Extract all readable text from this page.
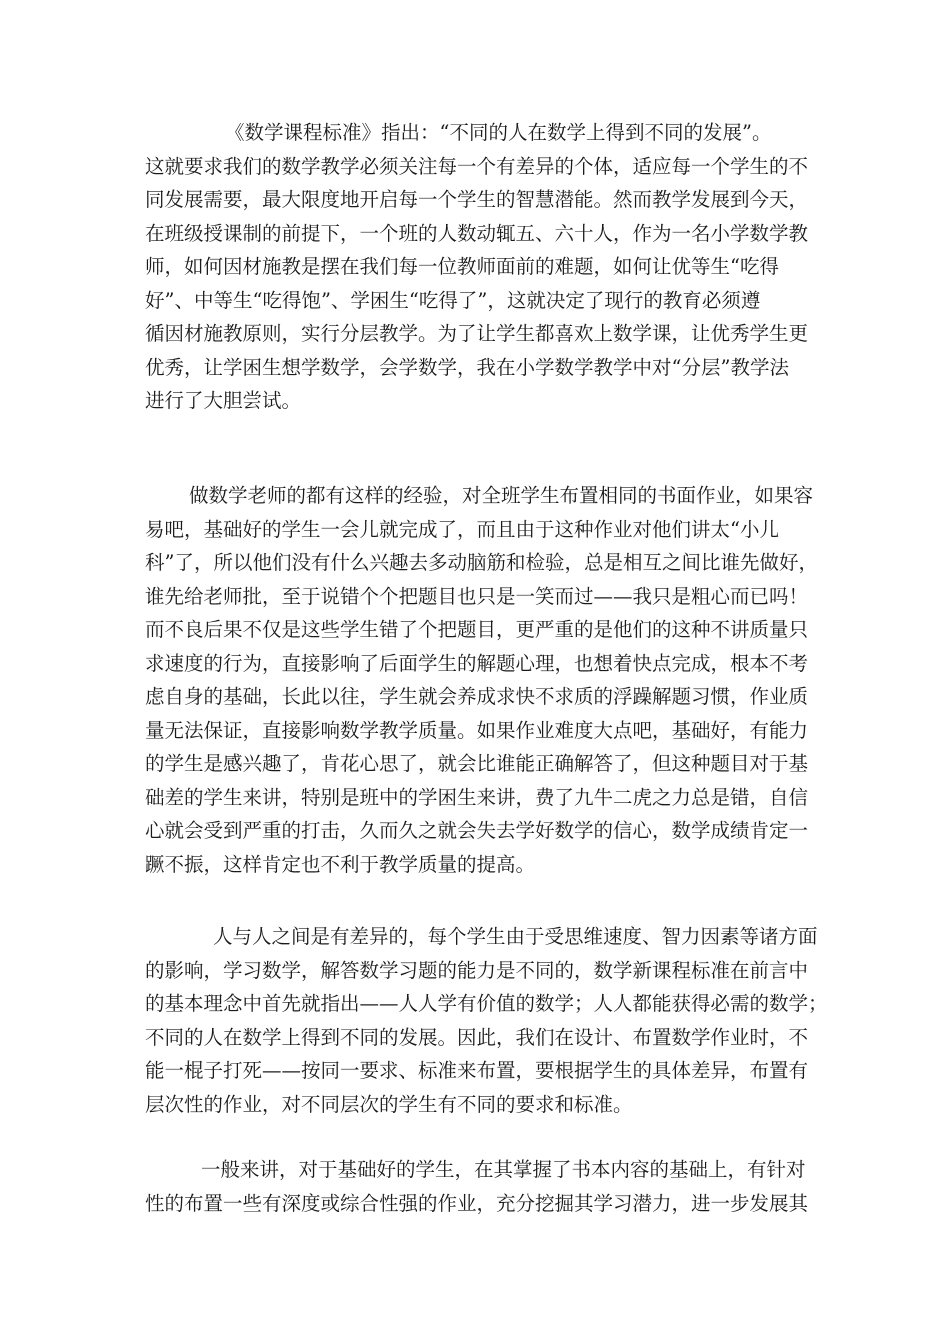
《数学课程标准》指出：“不同的人在数学上得到不同的发展”。
这就要求我们的数学教学必须关注每一个有差异的个体，适应每一个学生的不
同发展需要，最大限度地开启每一个学生的智慧潜能。然而教学发展到今天，
在班级授课制的前提下，一个班的人数动辄五、六十人，作为一名小学数学教
师，如何因材施教是摆在我们每一位教师面前的难题，如何让优等生“吃得
好”、中等生“吃得饱”、学困生“吃得了”，这就决定了现行的教育必须遵
循因材施教原则，实行分层教学。为了让学生都喜欢上数学课，让优秀学生更
优秀，让学困生想学数学，会学数学，我在小学数学教学中对“分层”教学法
进行了大胆尝试。
做数学老师的都有这样的经验，对全班学生布置相同的书面作业，如果容
易吧，基础好的学生一会儿就完成了，而且由于这种作业对他们讲太“小儿
科”了，所以他们没有什么兴趣去多动脑筋和检验，总是相互之间比谁先做好，
谁先给老师批，至于说错个个把题目也只是一笑而过——我只是粗心而已吗！
而不良后果不仅是这些学生错了个把题目，更严重的是他们的这种不讲质量只
求速度的行为，直接影响了后面学生的解题心理，也想着快点完成，根本不考
虑自身的基础，长此以往，学生就会养成求快不求质的浮躁解题习惯，作业质
量无法保证，直接影响数学教学质量。如果作业难度大点吧，基础好，有能力
的学生是感兴趣了，肯花心思了，就会比谁能正确解答了，但这种题目对于基
础差的学生来讲，特别是班中的学困生来讲，费了九牛二虎之力总是错，自信
心就会受到严重的打击，久而久之就会失去学好数学的信心，数学成绩肯定一
蹶不振，这样肯定也不利于教学质量的提高。
人与人之间是有差异的，每个学生由于受思维速度、智力因素等诸方面
的影响，学习数学，解答数学习题的能力是不同的，数学新课程标准在前言中
的基本理念中首先就指出——人人学有价值的数学；人人都能获得必需的数学；
不同的人在数学上得到不同的发展。因此，我们在设计、布置数学作业时，不
能一棍子打死——按同一要求、标准来布置，要根据学生的具体差异，布置有
层次性的作业，对不同层次的学生有不同的要求和标准。
一般来讲，对于基础好的学生，在其掌握了书本内容的基础上，有针对
性的布置一些有深度或综合性强的作业，充分挖掘其学习潜力，进一步发展其
